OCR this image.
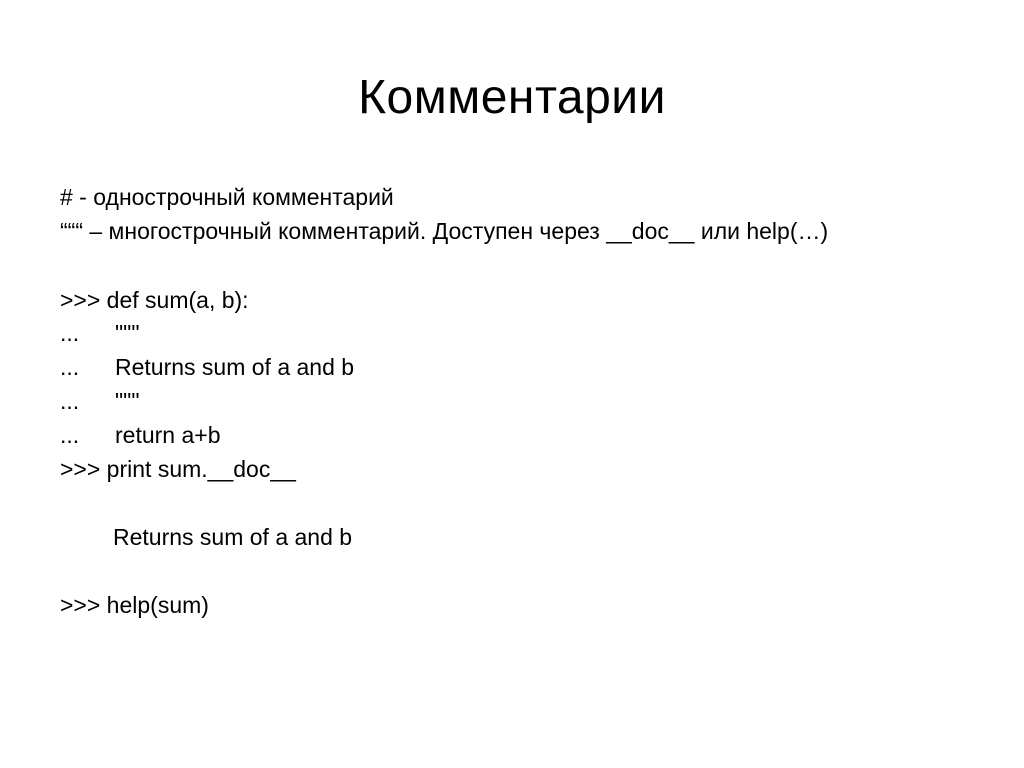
Комментарии
# - однострочный комментарий
“““ – многострочный комментарий. Доступен через __doc__ или help(…)
>>> def sum(a, b):
... """
... Returns sum of a and b
... """
... return a+b
>>> print sum.__doc__
Returns sum of a and b
>>> help(sum)
